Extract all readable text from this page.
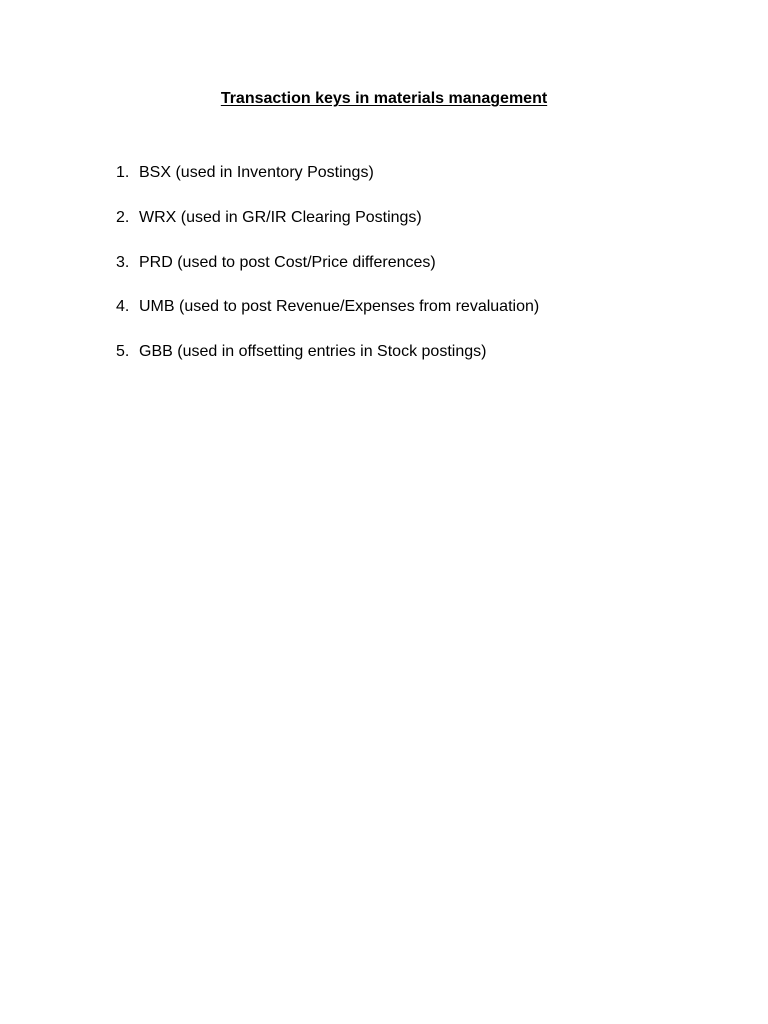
Transaction keys in materials management
1. BSX (used in Inventory Postings)
2. WRX (used in GR/IR Clearing Postings)
3. PRD (used to post Cost/Price differences)
4. UMB (used to post Revenue/Expenses from revaluation)
5. GBB (used in offsetting entries in Stock postings)
